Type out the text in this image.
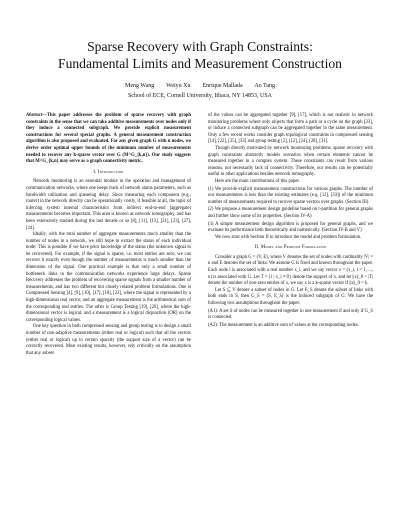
Sparse Recovery with Graph Constraints:
Fundamental Limits and Measurement Construction
Meng Wang        Weiyu Xu        Enrique Mallada        Ao Tang
School of ECE, Cornell University, Ithaca, NY 14853, USA

Abstract—This paper addresses the problem of sparse recovery with graph constraints in the sense that we can take additive measurements over nodes only if they induce a connected subgraph. We provide explicit measurement constructions for several special graphs. A general measurement construction algorithm is also proposed and evaluated. For any given graph G with n nodes, we derive order optimal upper bounds of the minimum number of measurements needed to recover any k-sparse vector over G (M^G_{k,n}). Our study suggests that M^G_{k,n} may serve as a graph connectivity metric.

I. Introduction

Network monitoring is an essential module in the operation and management of communication networks, where one keeps track of network status parameters, such as bandwidth utilization and queueing delay. Since measuring each component (e.g., router) in the network directly can be operationally costly, if feasible at all, the topic of inferring system internal characteristics from indirect end-to-end (aggregate) measurements becomes important. This area is known as network tomography, and has been extensively studied during the last decade or so [8], [11], [13], [21], [23], [27], [34].

Ideally, with the total number of aggregate measurements much smaller than the number of nodes in a network, we still hope to extract the status of each individual node: This is possible if we have prior knowledge of the status (the unknown signal to be recovered). For example, if the signal is sparse, i.e. most entries are zero, we can recover it exactly even though the number of measurements is much smaller than the dimension of the signal. One practical example is that only a small number of bottleneck links in the communication networks experience large delays. Sparse Recovery addresses the problem of recovering sparse signals from a smaller number of measurements, and has two different but closely related problem formulations. One is Compressed Sensing [4], [9], [10], [17], [18], [22], where the signal is represented by a high-dimensional real vector, and an aggregate measurement is the arithmetical sum of the corresponding real entries. The other is Group Testing [19], [20], where the high-dimensional vector is logical, and a measurement is a logical disjunction (OR) on the corresponding logical values.

One key question in both compressed sensing and group testing is to design a small number of non-adaptive measurements (either real or logical) such that all the vectors (either real or logical) up to certain sparsity (the support size of a vector) can be correctly recovered. Most existing results, however, rely critically on the assumption that any subset

of the values can be aggregated together [9], [17], which is not realistic in network monitoring problems where only objects that form a path or a cycle on the graph [23], or induce a connected subgraph can be aggregated together in the same measurement. Only a few recent works consider graph topological constraints in compressed sensing [14], [22], [25], [33] and group testing [2], [12], [24], [28], [31].

Though directly motivated by network monitoring problems, sparse recovery with graph constraints abstractly models scenarios when certain elements cannot be measured together in a complex system. These constraints can result from various reasons, not necessarily lack of connectivity. Therefore, our results can be potentially useful to other applications besides network tomography.

Here are the main contributions of this paper.

(1) We provide explicit measurement constructions for various graphs. The number of our measurements is less than the existing estimates (e.g. [12], [33]) of the minimum number of measurements required to recover sparse vectors over graphs. (Section III).

(2) We propose a measurement design guideline based on r-partition for general graphs and further show some of its properties. (Section IV-A)

(3) A simple measurement design algorithm is proposed for general graphs, and we evaluate its performance both theoretically and numerically. (Section IV-B and V)

We now start with Section II to introduce the model and problem formulation.

II. Model and Problem Formulation

Consider a graph G = (V, E), where V denotes the set of nodes with cardinality |V| = n and E denotes the set of links. We assume G is fixed and known throughout the paper. Each node i is associated with a real number x_i, and we say vector x = (x_i, i = 1, ..., n) is associated with G. Let T = {i | x_i ≠ 0} denote the support of x, and let ||x||_0 = |T| denote the number of non-zero entries of x, we say x is a k-sparse vector if ||x||_0 = k.

Let S ⊆ V denote a subset of nodes in G. Let E_S denote the subset of links with both ends in S, then G_S = (S, E_S) is the induced subgraph of G. We have the following two assumptions throughout the paper:

(A1): A set S of nodes can be measured together in one measurement if and only if G_S is connected.

(A2): The measurement is an additive sum of values at the corresponding nodes.
